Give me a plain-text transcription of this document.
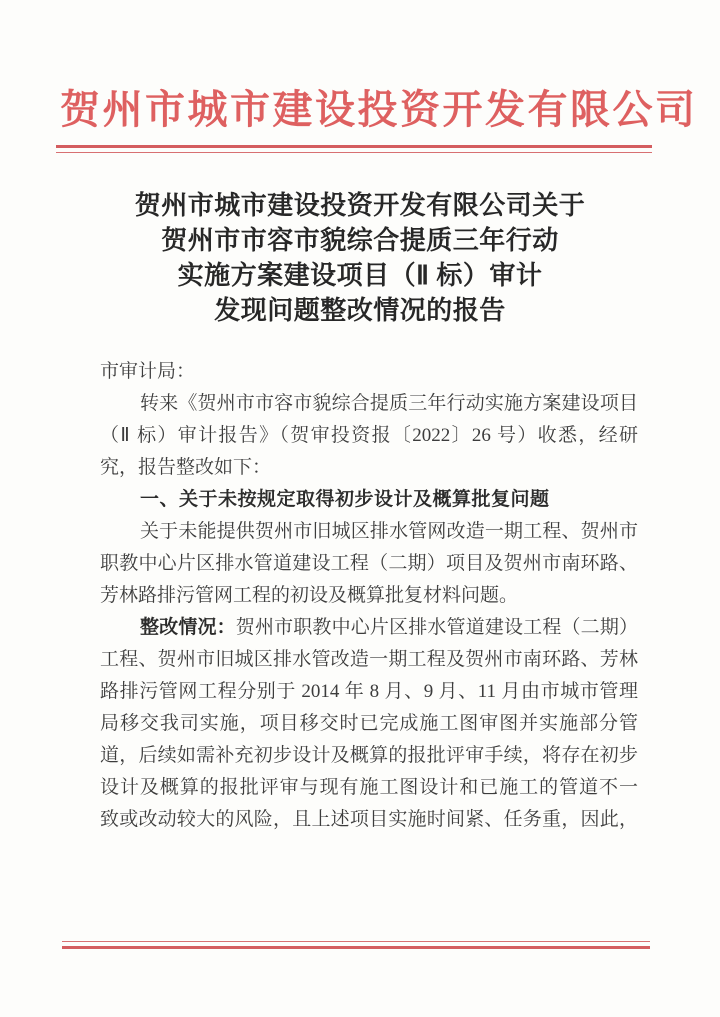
贺州市城市建设投资开发有限公司
贺州市城市建设投资开发有限公司关于
贺州市市容市貌综合提质三年行动
实施方案建设项目（Ⅱ 标）审计
发现问题整改情况的报告
市审计局：
转来《贺州市市容市貌综合提质三年行动实施方案建设项目
（Ⅱ 标）审计报告》（贺审投资报〔2022〕26 号）收悉，经研
究，报告整改如下：
一、关于未按规定取得初步设计及概算批复问题
关于未能提供贺州市旧城区排水管网改造一期工程、贺州市
职教中心片区排水管道建设工程（二期）项目及贺州市南环路、
芳林路排污管网工程的初设及概算批复材料问题。
整改情况：贺州市职教中心片区排水管道建设工程（二期）
工程、贺州市旧城区排水管改造一期工程及贺州市南环路、芳林
路排污管网工程分别于 2014 年 8 月、9 月、11 月由市城市管理
局移交我司实施，项目移交时已完成施工图审图并实施部分管
道，后续如需补充初步设计及概算的报批评审手续，将存在初步
设计及概算的报批评审与现有施工图设计和已施工的管道不一
致或改动较大的风险，且上述项目实施时间紧、任务重，因此，
